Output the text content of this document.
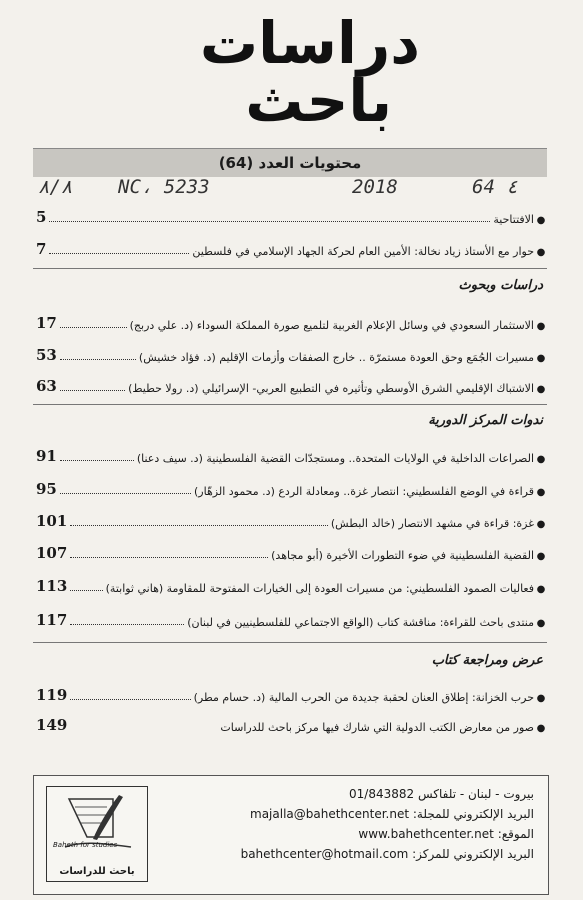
دراسات
باحث
محتويات العدد (64)
٨/٨ NC، 5233	2018	64 ٤
●
الافتتاحية
5
●
حوار مع الأستاذ زياد نخالة: الأمين العام لحركة الجهاد الإسلامي في فلسطين
7
دراسات وبحوث
●
الاستثمار السعودي في وسائل الإعلام الغربية لتلميع صورة المملكة السوداء (د. علي دربج)
17
●
مسيرات الجُمَع وحق العودة مستمرّة .. خارج الصفقات وأزمات الإقليم (د. فؤاد خشيش)
53
●
الاشتباك الإقليمي الشرق الأوسطي وتأثيره في التطبيع العربي- الإسرائيلي (د. رولا حطيط)
63
ندوات المركز الدورية
●
الصراعات الداخلية في الولايات المتحدة.. ومستجدّات القضية الفلسطينية (د. سيف دعنا)
91
●
قراءة في الوضع الفلسطيني: انتصار غزة.. ومعادلة الردع (د. محمود الزهّار)
95
●
غزة: قراءة في مشهد الانتصار (خالد البطش)
101
●
القضية الفلسطينية في ضوء التطورات الأخيرة (أبو مجاهد)
107
●
فعاليات الصمود الفلسطيني: من مسيرات العودة إلى الخيارات المفتوحة للمقاومة (هاني ثوابتة)
113
●
منتدى باحث للقراءة: مناقشة كتاب (الواقع الاجتماعي للفلسطينيين في لبنان)
117
عرض ومراجعة كتاب
●
حرب الخزانة: إطلاق العنان لحقبة جديدة من الحرب المالية (د. حسام مطر)
119
●
صور من معارض الكتب الدولية التي شارك فيها مركز باحث للدراسات
149
Baheth for studies
باحث للدراسات
بيروت - لبنان - تلفاكس 01/843882
البريد الإلكتروني للمجلة: majalla@bahethcenter.net
الموقع: www.bahethcenter.net
البريد الإلكتروني للمركز: bahethcenter@hotmail.com
